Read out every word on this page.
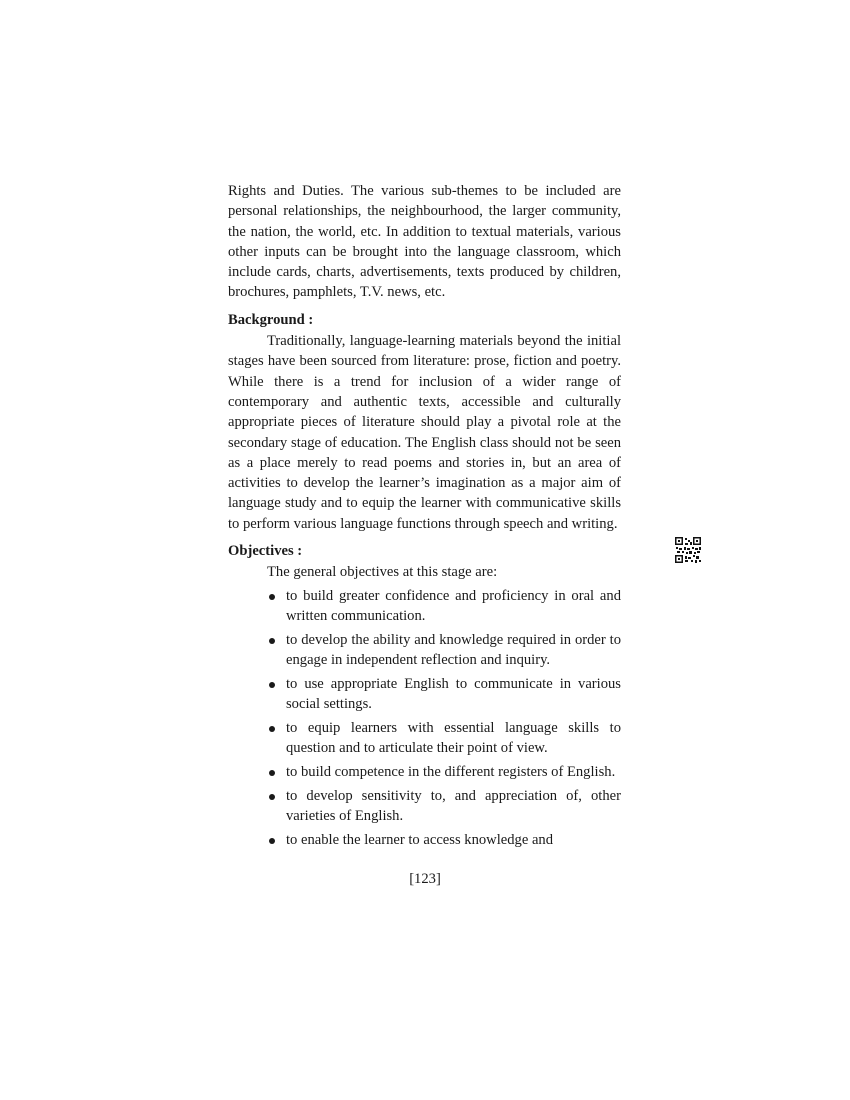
Rights and Duties. The various sub-themes to be included are personal relationships, the neighbourhood, the larger community, the nation, the world, etc. In addition to textual materials, various other inputs can be brought into the language classroom, which include cards, charts, advertisements, texts produced by children, brochures, pamphlets, T.V. news, etc.

Background :

Traditionally, language-learning materials beyond the initial stages have been sourced from literature: prose, fiction and poetry. While there is a trend for inclusion of a wider range of contemporary and authentic texts, accessible and culturally appropriate pieces of literature should play a pivotal role at the secondary stage of education. The English class should not be seen as a place merely to read poems and stories in, but an area of activities to develop the learner’s imagination as a major aim of language study and to equip the learner with communicative skills to perform various language functions through speech and writing.

Objectives :

The general objectives at this stage are:

to build greater confidence and proficiency in oral and written communication.
to develop the ability and knowledge required in order to engage in independent reflection and inquiry.
to use appropriate English to communicate in various social settings.
to equip learners with essential language skills to question and to articulate their point of view.
to build competence in the different registers of English.
to develop sensitivity to, and appreciation of, other varieties of English.
to enable the learner to access knowledge and
[123]
